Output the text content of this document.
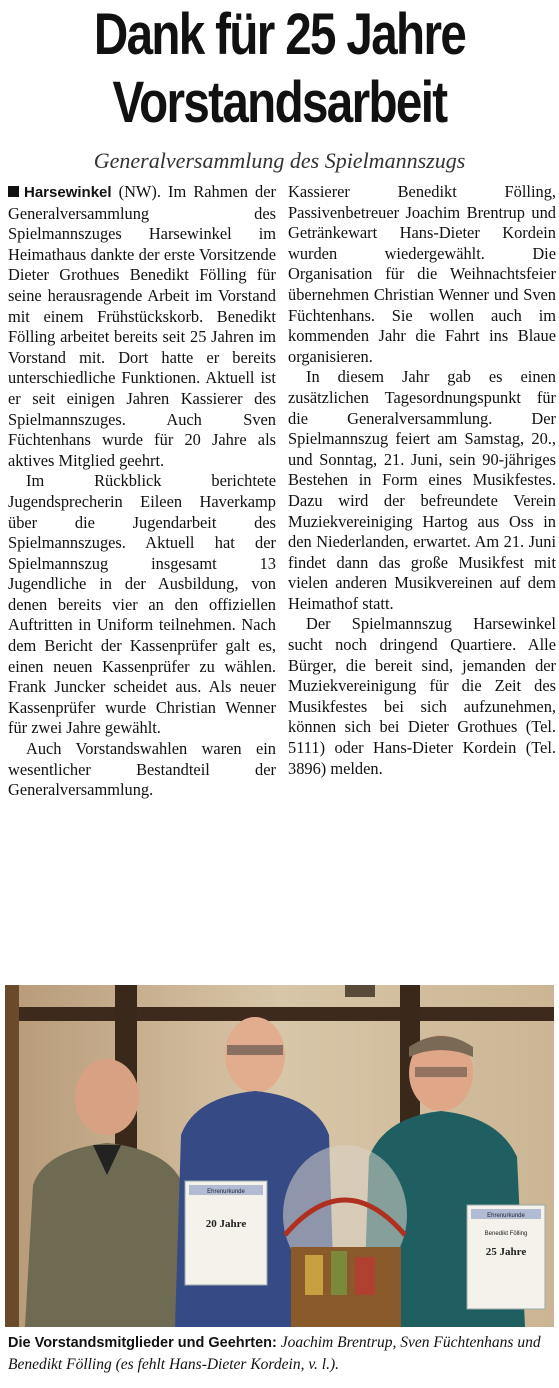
Dank für 25 Jahre
Vorstandsarbeit
Generalversammlung des Spielmannszugs

Harsewinkel (NW). Im Rahmen der Generalversammlung des Spielmannszuges Harsewinkel im Heimathaus dankte der erste Vorsitzende Dieter Grothues Benedikt Fölling für seine herausragende Arbeit im Vorstand mit einem Frühstückskorb. Benedikt Fölling arbeitet bereits seit 25 Jahren im Vorstand mit. Dort hatte er bereits unterschiedliche Funktionen. Aktuell ist er seit einigen Jahren Kassierer des Spielmannszuges. Auch Sven Füchtenhans wurde für 20 Jahre als aktives Mitglied geehrt.

Im Rückblick berichtete Jugendsprecherin Eileen Haverkamp über die Jugendarbeit des Spielmannszuges. Aktuell hat der Spielmannszug insgesamt 13 Jugendliche in der Ausbildung, von denen bereits vier an den offiziellen Auftritten in Uniform teilnehmen. Nach dem Bericht der Kassenprüfer galt es, einen neuen Kassenprüfer zu wählen. Frank Juncker scheidet aus. Als neuer Kassenprüfer wurde Christian Wenner für zwei Jahre gewählt.

Auch Vorstandswahlen waren ein wesentlicher Bestandteil der Generalversammlung.

Kassierer Benedikt Fölling, Passivenbetreuer Joachim Brentrup und Getränkewart Hans-Dieter Kordein wurden wiedergewählt. Die Organisation für die Weihnachtsfeier übernehmen Christian Wenner und Sven Füchtenhans. Sie wollen auch im kommenden Jahr die Fahrt ins Blaue organisieren.

In diesem Jahr gab es einen zusätzlichen Tagesordnungspunkt für die Generalversammlung. Der Spielmannszug feiert am Samstag, 20., und Sonntag, 21. Juni, sein 90-jähriges Bestehen in Form eines Musikfestes. Dazu wird der befreundete Verein Muziekvereiniging Hartog aus Oss in den Niederlanden, erwartet. Am 21. Juni findet dann das große Musikfest mit vielen anderen Musikvereinen auf dem Heimathof statt.

Der Spielmannszug Harsewinkel sucht noch dringend Quartiere. Alle Bürger, die bereit sind, jemanden der Muziekvereinigung für die Zeit des Musikfestes bei sich aufzunehmen, können sich bei Dieter Grothues (Tel. 5111) oder Hans-Dieter Kordein (Tel. 3896) melden.

Ehrenurkunde
20 Jahre
Ehrenurkunde
Benedikt Fölling
25 Jahre
Die Vorstandsmitglieder und Geehrten: Joachim Brentrup, Sven Füchtenhans und Benedikt Fölling (es fehlt Hans-Dieter Kordein, v. l.).
